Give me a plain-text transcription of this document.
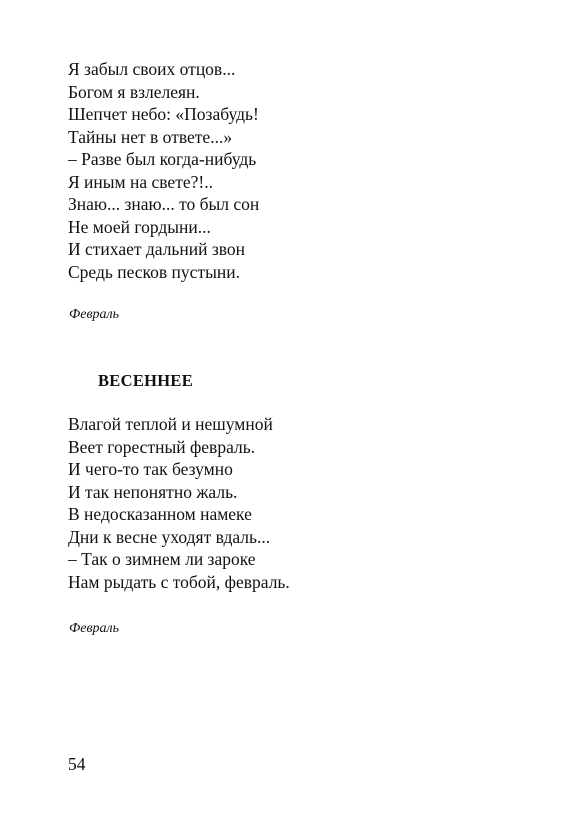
Я забыл своих отцов...
Богом я взлелеян.
Шепчет небо: «Позабудь!
Тайны нет в ответе...»
– Разве был когда-нибудь
Я иным на свете?!..
Знаю... знаю... то был сон
Не моей гордыни...
И стихает дальний звон
Средь песков пустыни.
Февраль
ВЕСЕННЕЕ
Влагой теплой и нешумной
Веет горестный февраль.
И чего-то так безумно
И так непонятно жаль.
В недосказанном намеке
Дни к весне уходят вдаль...
– Так о зимнем ли зароке
Нам рыдать с тобой, февраль.
Февраль
54
